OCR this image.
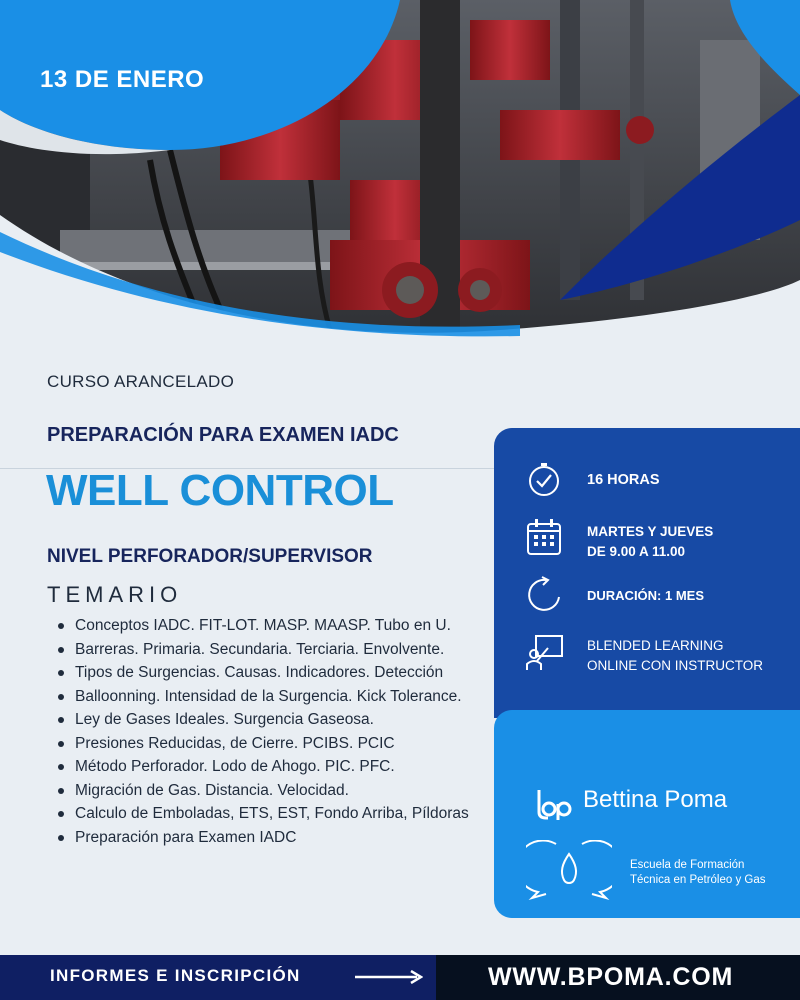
13 DE ENERO
CURSO ARANCELADO
PREPARACIÓN PARA EXAMEN IADC
WELL CONTROL
NIVEL PERFORADOR/SUPERVISOR
TEMARIO
Conceptos IADC. FIT-LOT. MASP. MAASP. Tubo en U.
Barreras. Primaria. Secundaria. Terciaria. Envolvente.
Tipos de Surgencias. Causas. Indicadores. Detección
Balloonning. Intensidad de la Surgencia. Kick Tolerance.
Ley de Gases Ideales. Surgencia Gaseosa.
Presiones Reducidas, de Cierre. PCIBS. PCIC
Método Perforador. Lodo de Ahogo. PIC. PFC.
Migración de Gas. Distancia. Velocidad.
Calculo de Emboladas, ETS, EST, Fondo Arriba, Píldoras
Preparación para Examen IADC
16 HORAS
MARTES Y JUEVES
DE 9.00 A 11.00
DURACIÓN: 1 MES
BLENDED LEARNING
ONLINE CON INSTRUCTOR
Bettina Poma
Escuela de Formación
Técnica en Petróleo y Gas
INFORMES E INSCRIPCIÓN	WWW.BPOMA.COM
